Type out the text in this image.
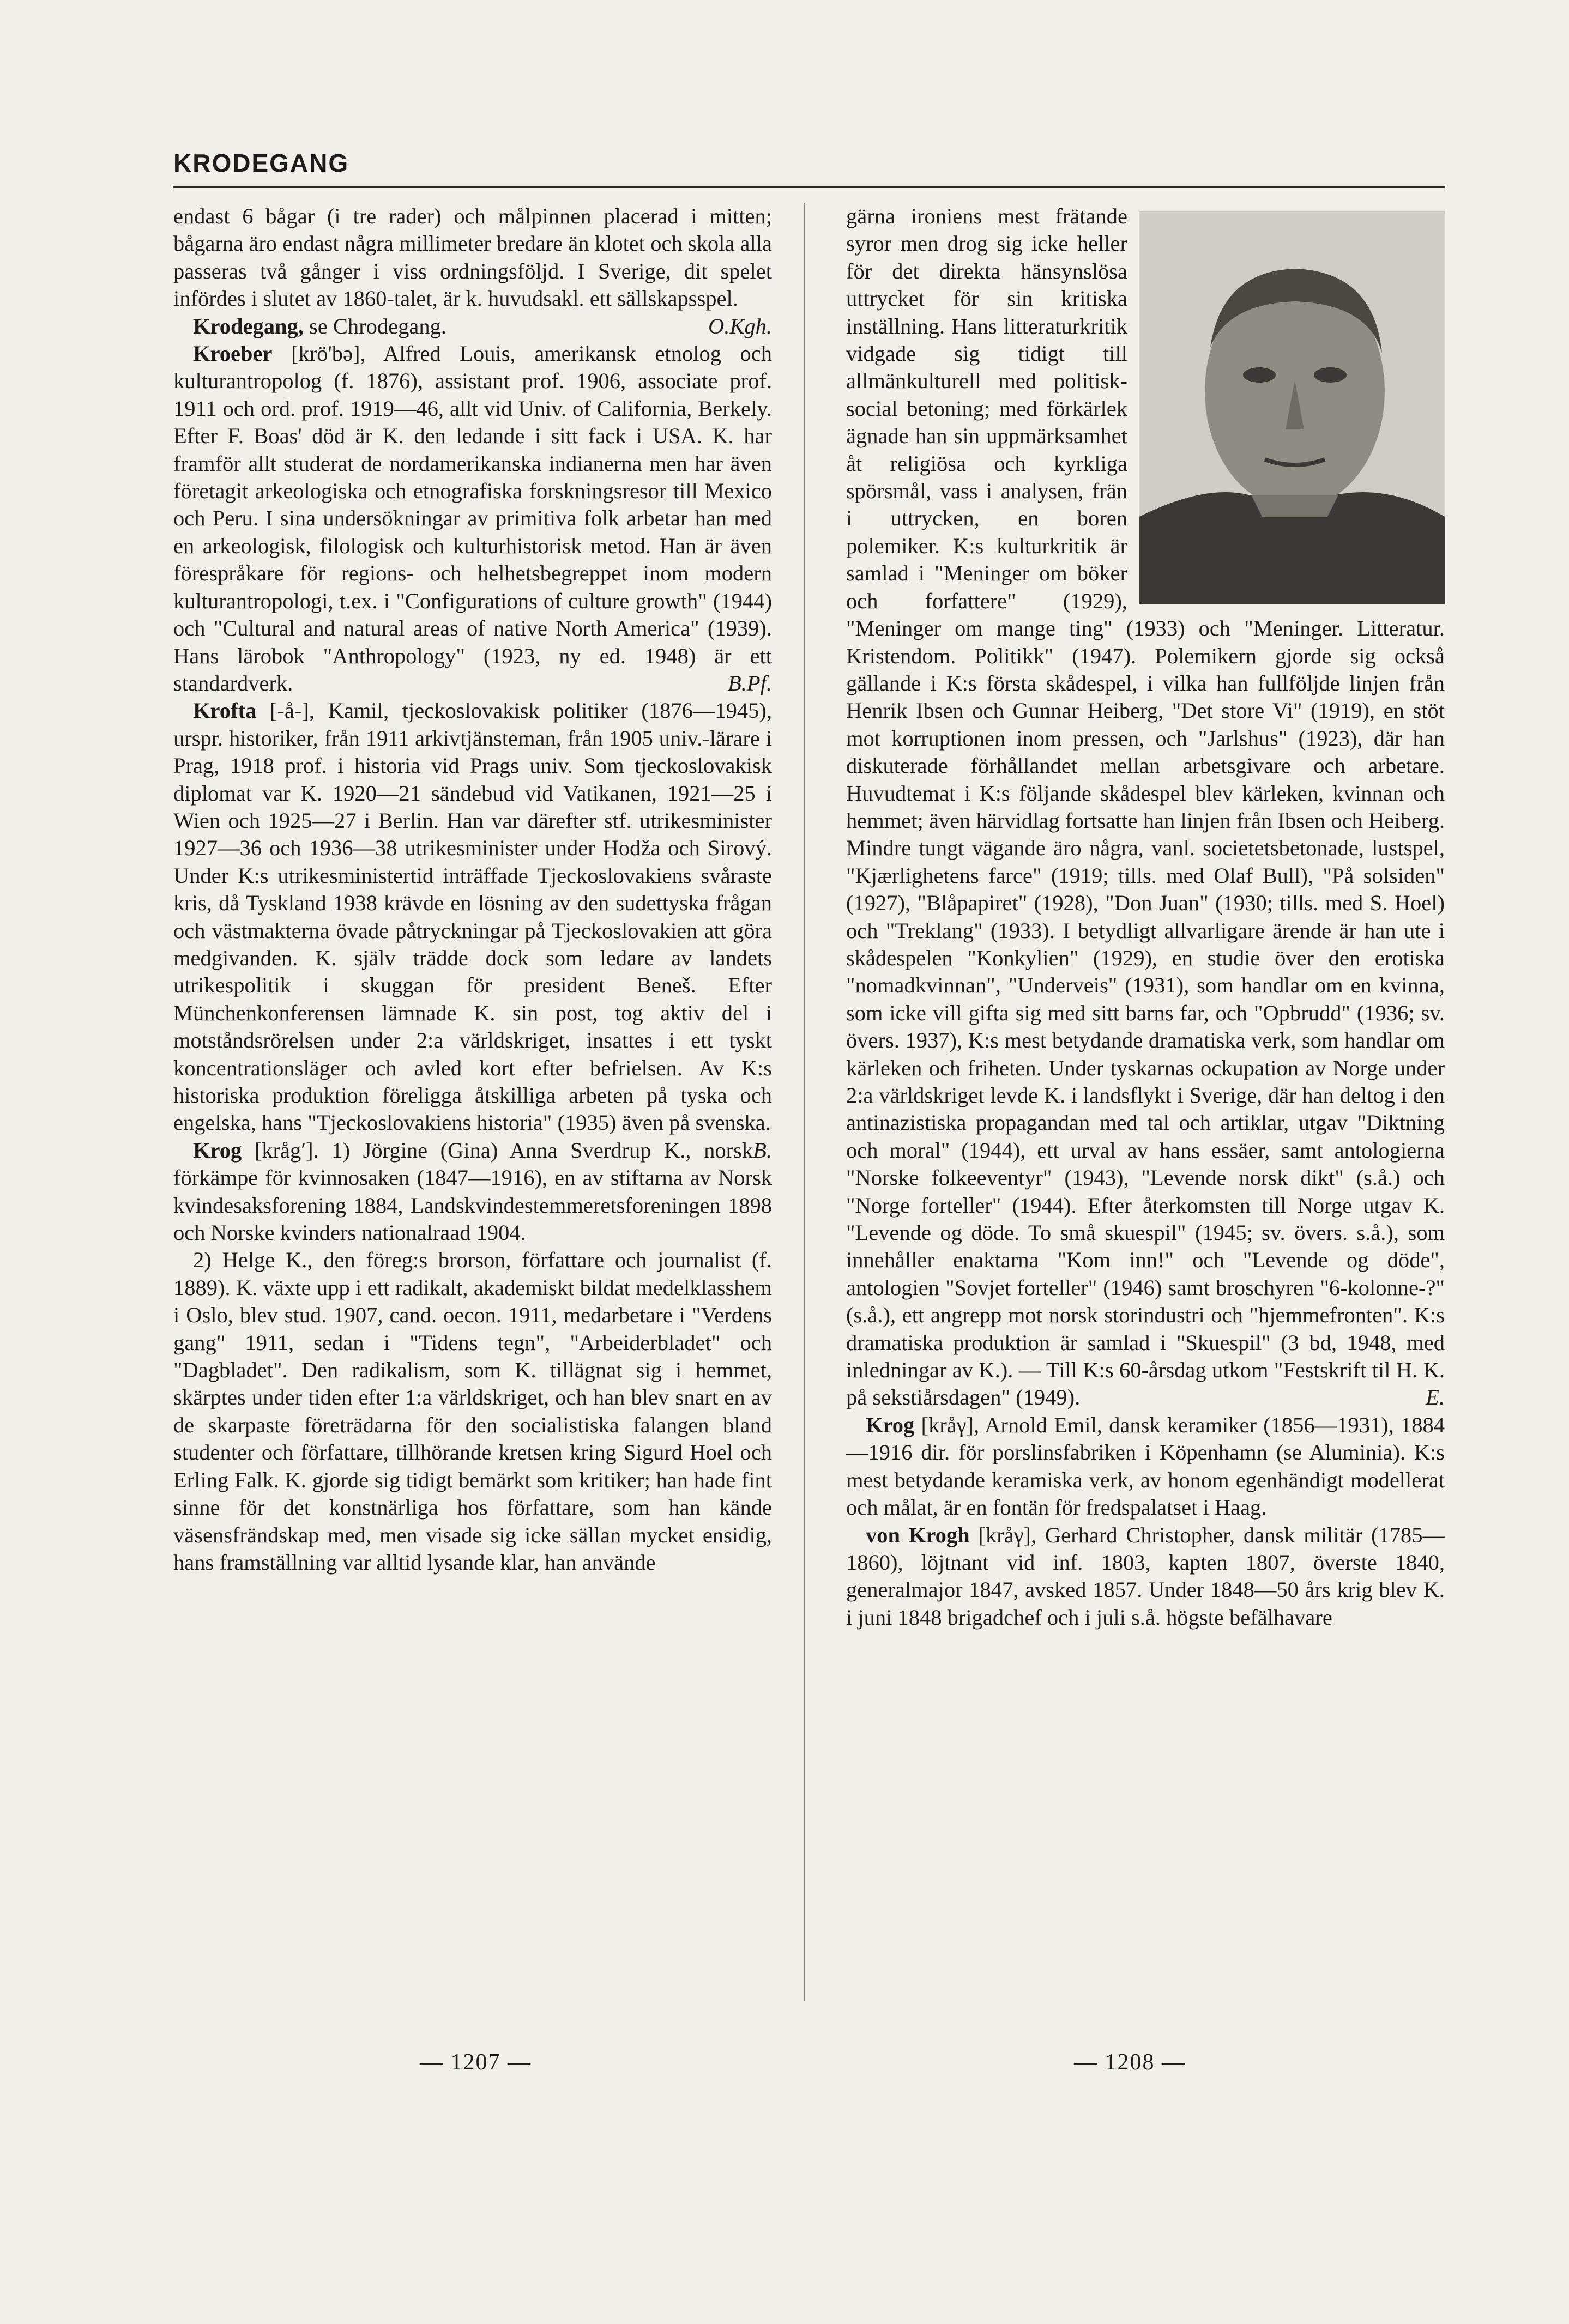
KRODEGANG

endast 6 bågar (i tre rader) och målpinnen placerad i mitten; bågarna äro endast några millimeter bredare än klotet och skola alla passeras två gånger i viss ordningsföljd. I Sverige, dit spelet infördes i slutet av 1860-talet, är k. huvudsakl. ett sällskapsspel.
O.Kgh.

Krodegang, se Chrodegang.

Kroeber [krö'bə], Alfred Louis, amerikansk etnolog och kulturantropolog (f. 1876), assistant prof. 1906, associate prof. 1911 och ord. prof. 1919—46, allt vid Univ. of California, Berkely. Efter F. Boas' död är K. den ledande i sitt fack i USA. K. har framför allt studerat de nordamerikanska indianerna men har även företagit arkeologiska och etnografiska forskningsresor till Mexico och Peru. I sina undersökningar av primitiva folk arbetar han med en arkeologisk, filologisk och kulturhistorisk metod. Han är även förespråkare för regions- och helhetsbegreppet inom modern kulturantropologi, t.ex. i "Configurations of culture growth" (1944) och "Cultural and natural areas of native North America" (1939). Hans lärobok "Anthropology" (1923, ny ed. 1948) är ett standardverk.	B.Pf.

Krofta [-å-], Kamil, tjeckoslovakisk politiker (1876—1945), urspr. historiker, från 1911 arkivtjänsteman, från 1905 univ.-lärare i Prag, 1918 prof. i historia vid Prags univ. Som tjeckoslovakisk diplomat var K. 1920—21 sändebud vid Vatikanen, 1921—25 i Wien och 1925—27 i Berlin. Han var därefter stf. utrikesminister 1927—36 och 1936—38 utrikesminister under Hodža och Sirový. Under K:s utrikesministertid inträffade Tjeckoslovakiens svåraste kris, då Tyskland 1938 krävde en lösning av den sudettyska frågan och västmakterna övade påtryckningar på Tjeckoslovakien att göra medgivanden. K. själv trädde dock som ledare av landets utrikespolitik i skuggan för president Beneš. Efter Münchenkonferensen lämnade K. sin post, tog aktiv del i motståndsrörelsen under 2:a världskriget, insattes i ett tyskt koncentrationsläger och avled kort efter befrielsen. Av K:s historiska produktion föreligga åtskilliga arbeten på tyska och engelska, hans "Tjeckoslovakiens historia" (1935) även på svenska.
B.

Krog [krågʹ]. 1) Jörgine (Gina) Anna Sverdrup K., norsk förkämpe för kvinnosaken (1847—1916), en av stiftarna av Norsk kvindesaksforening 1884, Landskvindestemmeretsforeningen 1898 och Norske kvinders nationalraad 1904.

2) Helge K., den föreg:s brorson, författare och journalist (f. 1889). K. växte upp i ett radikalt, akademiskt bildat medelklasshem i Oslo, blev stud. 1907, cand. oecon. 1911, medarbetare i "Verdens gang" 1911, sedan i "Tidens tegn", "Arbeiderbladet" och "Dagbladet". Den radikalism, som K. tillägnat sig i hemmet, skärptes under tiden efter 1:a världskriget, och han blev snart en av de skarpaste företrädarna för den socialistiska falangen bland studenter och författare, tillhörande kretsen kring Sigurd Hoel och Erling Falk. K. gjorde sig tidigt bemärkt som kritiker; han hade fint sinne för det konstnärliga hos författare, som han kände väsensfrändskap med, men visade sig icke sällan mycket ensidig, hans framställning var alltid lysande klar, han använde

gärna ironiens mest frätande syror men drog sig icke heller för det direkta hänsynslösa uttrycket för sin kritiska inställning. Hans litteraturkritik vidgade sig tidigt till allmänkulturell med politisk-social betoning; med förkärlek ägnade han sin uppmärksamhet åt religiösa och kyrkliga spörsmål, vass i analysen, frän i uttrycken, en boren polemiker. K:s kulturkritik är samlad i "Meninger om böker och forfattere" (1929), "Meninger om mange ting" (1933) och "Meninger. Litteratur. Kristendom. Politikk" (1947). Polemikern gjorde sig också gällande i K:s första skådespel, i vilka han fullföljde linjen från Henrik Ibsen och Gunnar Heiberg, "Det store Vi" (1919), en stöt mot korruptionen inom pressen, och "Jarlshus" (1923), där han diskuterade förhållandet mellan arbetsgivare och arbetare. Huvudtemat i K:s följande skådespel blev kärleken, kvinnan och hemmet; även härvidlag fortsatte han linjen från Ibsen och Heiberg. Mindre tungt vägande äro några, vanl. societetsbetonade, lustspel, "Kjærlighetens farce" (1919; tills. med Olaf Bull), "På solsiden" (1927), "Blåpapiret" (1928), "Don Juan" (1930; tills. med S. Hoel) och "Treklang" (1933). I betydligt allvarligare ärende är han ute i skådespelen "Konkylien" (1929), en studie över den erotiska "nomadkvinnan", "Underveis" (1931), som handlar om en kvinna, som icke vill gifta sig med sitt barns far, och "Opbrudd" (1936; sv. övers. 1937), K:s mest betydande dramatiska verk, som handlar om kärleken och friheten. Under tyskarnas ockupation av Norge under 2:a världskriget levde K. i landsflykt i Sverige, där han deltog i den antinazistiska propagandan med tal och artiklar, utgav "Diktning och moral" (1944), ett urval av hans essäer, samt antologierna "Norske folkeeventyr" (1943), "Levende norsk dikt" (s.å.) och "Norge forteller" (1944). Efter återkomsten till Norge utgav K. "Levende og döde. To små skuespil" (1945; sv. övers. s.å.), som innehåller enaktarna "Kom inn!" och "Levende og döde", antologien "Sovjet forteller" (1946) samt broschyren "6-kolonne-?" (s.å.), ett angrepp mot norsk storindustri och "hjemmefronten". K:s dramatiska produktion är samlad i "Skuespil" (3 bd, 1948, med inledningar av K.). — Till K:s 60-årsdag utkom "Festskrift til H. K. på sekstiårsdagen" (1949).	E.

Krog [kråγ], Arnold Emil, dansk keramiker (1856—1931), 1884—1916 dir. för porslinsfabriken i Köpenhamn (se Aluminia). K:s mest betydande keramiska verk, av honom egenhändigt modellerat och målat, är en fontän för fredspalatset i Haag.

von Krogh [kråγ], Gerhard Christopher, dansk militär (1785—1860), löjtnant vid inf. 1803, kapten 1807, överste 1840, generalmajor 1847, avsked 1857. Under 1848—50 års krig blev K. i juni 1848 brigadchef och i juli s.å. högste befälhavare

— 1207 —	— 1208 —
